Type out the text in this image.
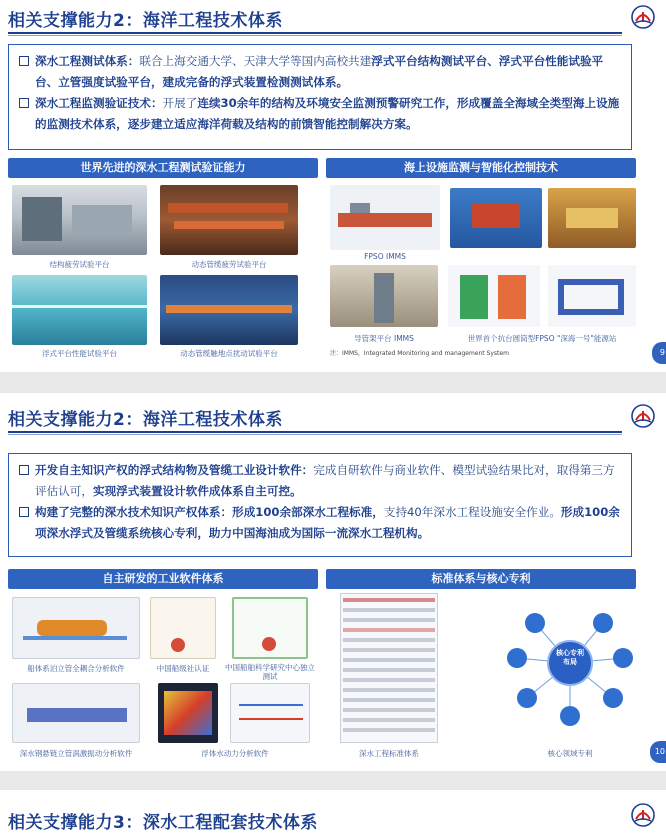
相关支撑能力2：海洋工程技术体系
深水工程测试体系：联合上海交通大学、天津大学等国内高校共建浮式平台结构测试平台、浮式平台性能试验平台、立管强度试验平台，建成完备的浮式装置检测测试体系。
深水工程监测验证技术：开展了连续30余年的结构及环境安全监测预警研究工作，形成覆盖全海域全类型海上设施的监测技术体系，逐步建立适应海洋荷载及结构的前馈智能控制解决方案。
世界先进的深水工程测试验证能力
结构疲劳试验平台	动态管缆疲劳试验平台
浮式平台性能试验平台	动态管缆触地点扰动试验平台
海上设施监测与智能化控制技术
FPSO IMMS
导管架平台 IMMS	世界首个抗台圆筒型FPSO "深海一号"能源站
注：IMMS，Integrated Monitoring and management System	9
相关支撑能力2：海洋工程技术体系
开发自主知识产权的浮式结构物及管缆工业设计软件：完成自研软件与商业软件、模型试验结果比对，取得第三方评估认可，实现浮式装置设计软件成体系自主可控。
构建了完整的深水技术知识产权体系：形成100余部深水工程标准，支持40年深水工程设施安全作业。形成100余项深水浮式及管缆系统核心专利，助力中国海油成为国际一流深水工程机构。
自主研发的工业软件体系
船体系泊立管全耦合分析软件	中国船级社认证	中国船舶科学研究中心独立测试
深水钢悬链立管涡激振动分析软件	浮体水动力分析软件
标准体系与核心专利
深水工程标准体系
核心专利布局
核心领域专利	10
相关支撑能力3：深水工程配套技术体系
